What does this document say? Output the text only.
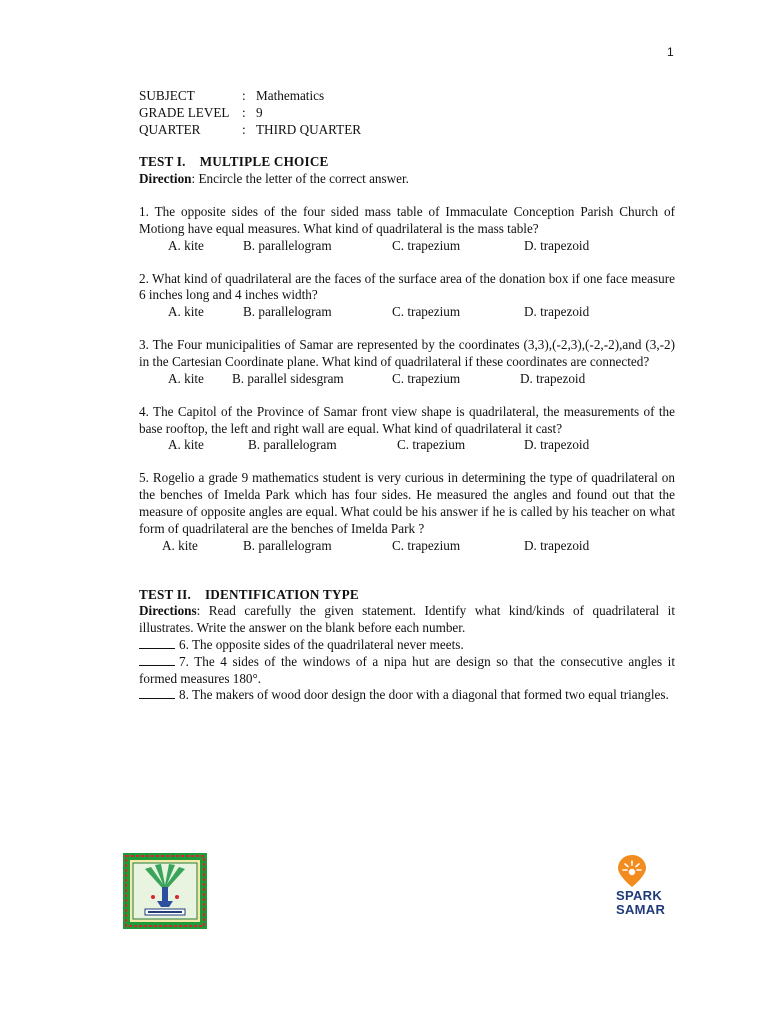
1
SUBJECT	: Mathematics
GRADE LEVEL : 9
QUARTER	: THIRD QUARTER
TEST I. MULTIPLE CHOICE
Direction: Encircle the letter of the correct answer.

1. The opposite sides of the four sided mass table of Immaculate Conception Parish Church of Motiong have equal measures. What kind of quadrilateral is the mass table?

A. kite	B. parallelogram	C. trapezium	D. trapezoid

2. What kind of quadrilateral are the faces of the surface area of the donation box if one face measure 6 inches long and 4 inches width?

A. kite	B. parallelogram	C. trapezium	D. trapezoid

3. The Four municipalities of Samar are represented by the coordinates (3,3),(-2,3),(-2,-2),and (3,-2) in the Cartesian Coordinate plane. What kind of quadrilateral if these coordinates are connected?

A. kite B. parallel sidesgram	C. trapezium	D. trapezoid

4. The Capitol of the Province of Samar front view shape is quadrilateral, the measurements of the base rooftop, the left and right wall are equal. What kind of quadrilateral it cast?

A. kite	B. parallelogram	C. trapezium	D. trapezoid

5. Rogelio a grade 9 mathematics student is very curious in determining the type of quadrilateral on the benches of Imelda Park which has four sides. He measured the angles and found out that the measure of opposite angles are equal. What could be his answer if he is called by his teacher on what form of quadrilateral are the benches of Imelda Park ?

A. kite	B. parallelogram	C. trapezium	D. trapezoid
TEST II. IDENTIFICATION TYPE

Directions: Read carefully the given statement. Identify what kind/kinds of quadrilateral it illustrates. Write the answer on the blank before each number.

6. The opposite sides of the quadrilateral never meets.

7. The 4 sides of the windows of a nipa hut are design so that the consecutive angles it formed measures 180°.

8. The makers of wood door design the door with a diagonal that formed two equal triangles.

SPARK
SAMAR
